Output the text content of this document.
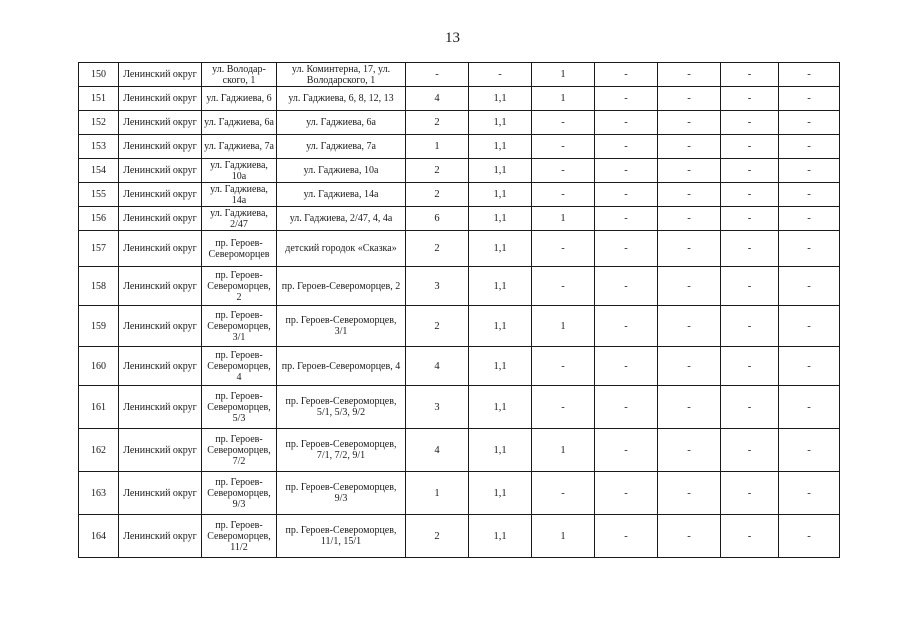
13
150	Ленинский округ	ул. Володар-ского, 1	ул. Коминтерна, 17, ул. Володарского, 1	-	-	1	-	-	-	-
151	Ленинский округ	ул. Гаджиева, 6	ул. Гаджиева, 6, 8, 12, 13	4	1,1	1	-	-	-	-
152	Ленинский округ	ул. Гаджиева, 6а	ул. Гаджиева, 6а	2	1,1	-	-	-	-	-
153	Ленинский округ	ул. Гаджиева, 7а	ул. Гаджиева, 7а	1	1,1	-	-	-	-	-
154	Ленинский округ	ул. Гаджиева, 10а	ул. Гаджиева, 10а	2	1,1	-	-	-	-	-
155	Ленинский округ	ул. Гаджиева, 14а	ул. Гаджиева, 14а	2	1,1	-	-	-	-	-
156	Ленинский округ	ул. Гаджиева, 2/47	ул. Гаджиева, 2/47, 4, 4а	6	1,1	1	-	-	-	-
157	Ленинский округ	пр. Героев-Североморцев	детский городок «Сказка»	2	1,1	-	-	-	-	-
158	Ленинский округ	пр. Героев-Североморцев, 2	пр. Героев-Североморцев, 2	3	1,1	-	-	-	-	-
159	Ленинский округ	пр. Героев-Североморцев, 3/1	пр. Героев-Североморцев, 3/1	2	1,1	1	-	-	-	-
160	Ленинский округ	пр. Героев-Североморцев, 4	пр. Героев-Североморцев, 4	4	1,1	-	-	-	-	-
161	Ленинский округ	пр. Героев-Североморцев, 5/3	пр. Героев-Североморцев, 5/1, 5/3, 9/2	3	1,1	-	-	-	-	-
162	Ленинский округ	пр. Героев-Североморцев, 7/2	пр. Героев-Североморцев, 7/1, 7/2, 9/1	4	1,1	1	-	-	-	-
163	Ленинский округ	пр. Героев-Североморцев, 9/3	пр. Героев-Североморцев, 9/3	1	1,1	-	-	-	-	-
164	Ленинский округ	пр. Героев-Североморцев, 11/2	пр. Героев-Североморцев, 11/1, 15/1	2	1,1	1	-	-	-	-
